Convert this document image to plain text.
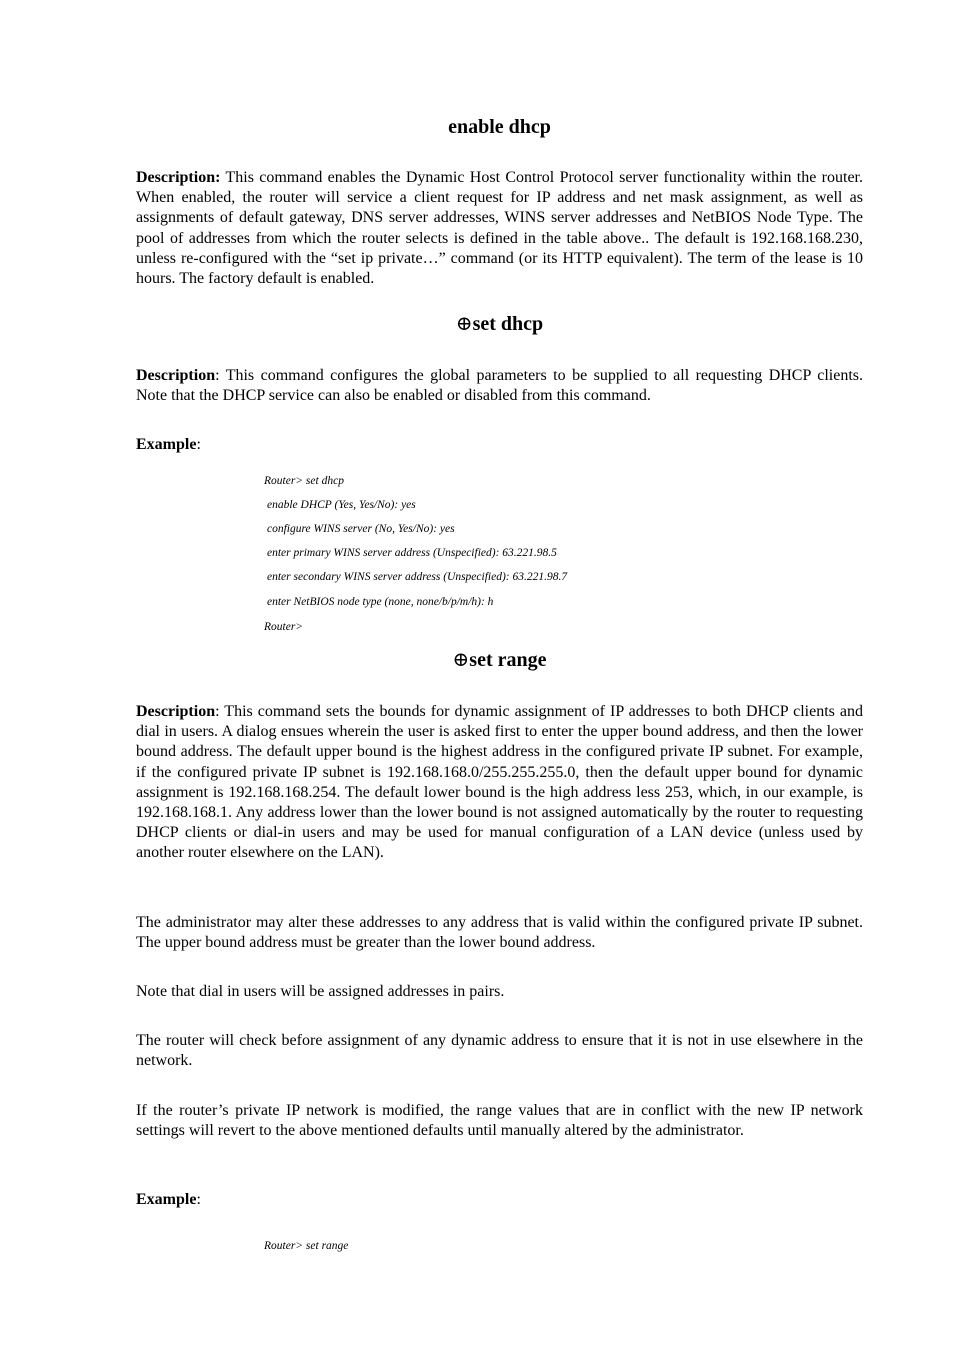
enable dhcp

Description: This command enables the Dynamic Host Control Protocol server functionality within the router. When enabled, the router will service a client request for IP address and net mask assignment, as well as assignments of default gateway, DNS server addresses, WINS server addresses and NetBIOS Node Type. The pool of addresses from which the router selects is defined in the table above.. The default is 192.168.168.230, unless re-configured with the “set ip private…” command (or its HTTP equivalent). The term of the lease is 10 hours. The factory default is enabled.

⊕set dhcp

Description: This command configures the global parameters to be supplied to all requesting DHCP clients. Note that the DHCP service can also be enabled or disabled from this command.

Example:

Router> set dhcp
enable DHCP (Yes, Yes/No): yes
configure WINS server (No, Yes/No): yes
enter primary WINS server address (Unspecified): 63.221.98.5
enter secondary WINS server address (Unspecified): 63.221.98.7
enter NetBIOS node type (none, none/b/p/m/h): h
Router>
⊕set range

Description: This command sets the bounds for dynamic assignment of IP addresses to both DHCP clients and dial in users. A dialog ensues wherein the user is asked first to enter the upper bound address, and then the lower bound address. The default upper bound is the highest address in the configured private IP subnet. For example, if the configured private IP subnet is 192.168.168.0/255.255.255.0, then the default upper bound for dynamic assignment is 192.168.168.254. The default lower bound is the high address less 253, which, in our example, is 192.168.168.1. Any address lower than the lower bound is not assigned automatically by the router to requesting DHCP clients or dial-in users and may be used for manual configuration of a LAN device (unless used by another router elsewhere on the LAN).

The administrator may alter these addresses to any address that is valid within the configured private IP subnet. The upper bound address must be greater than the lower bound address.

Note that dial in users will be assigned addresses in pairs.

The router will check before assignment of any dynamic address to ensure that it is not in use elsewhere in the network.

If the router’s private IP network is modified, the range values that are in conflict with the new IP network settings will revert to the above mentioned defaults until manually altered by the administrator.

Example:

Router> set range
